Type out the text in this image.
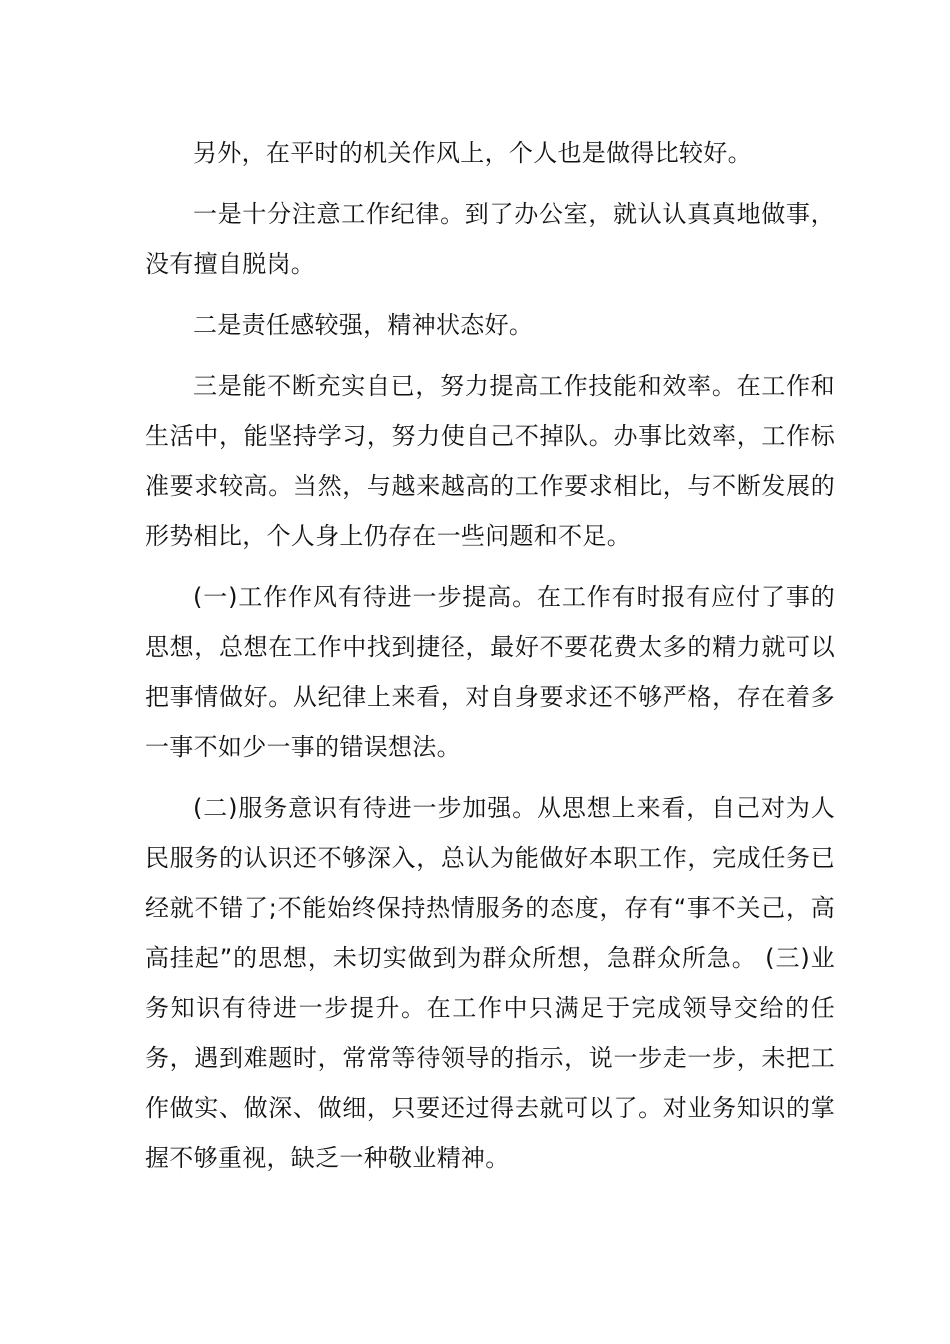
另外，在平时的机关作风上，个人也是做得比较好。

一是十分注意工作纪律。到了办公室，就认认真真地做事，没有擅自脱岗。

二是责任感较强，精神状态好。

三是能不断充实自已，努力提高工作技能和效率。在工作和生活中，能坚持学习，努力使自己不掉队。办事比效率，工作标准要求较高。当然，与越来越高的工作要求相比，与不断发展的形势相比，个人身上仍存在一些问题和不足。

(一)工作作风有待进一步提高。在工作有时报有应付了事的思想，总想在工作中找到捷径，最好不要花费太多的精力就可以把事情做好。从纪律上来看，对自身要求还不够严格，存在着多一事不如少一事的错误想法。

(二)服务意识有待进一步加强。从思想上来看，自己对为人民服务的认识还不够深入，总认为能做好本职工作，完成任务已经就不错了;不能始终保持热情服务的态度，存有“事不关己，高高挂起”的思想，未切实做到为群众所想，急群众所急。 (三)业务知识有待进一步提升。在工作中只满足于完成领导交给的任务，遇到难题时，常常等待领导的指示，说一步走一步，未把工作做实、做深、做细，只要还过得去就可以了。对业务知识的掌握不够重视，缺乏一种敬业精神。
